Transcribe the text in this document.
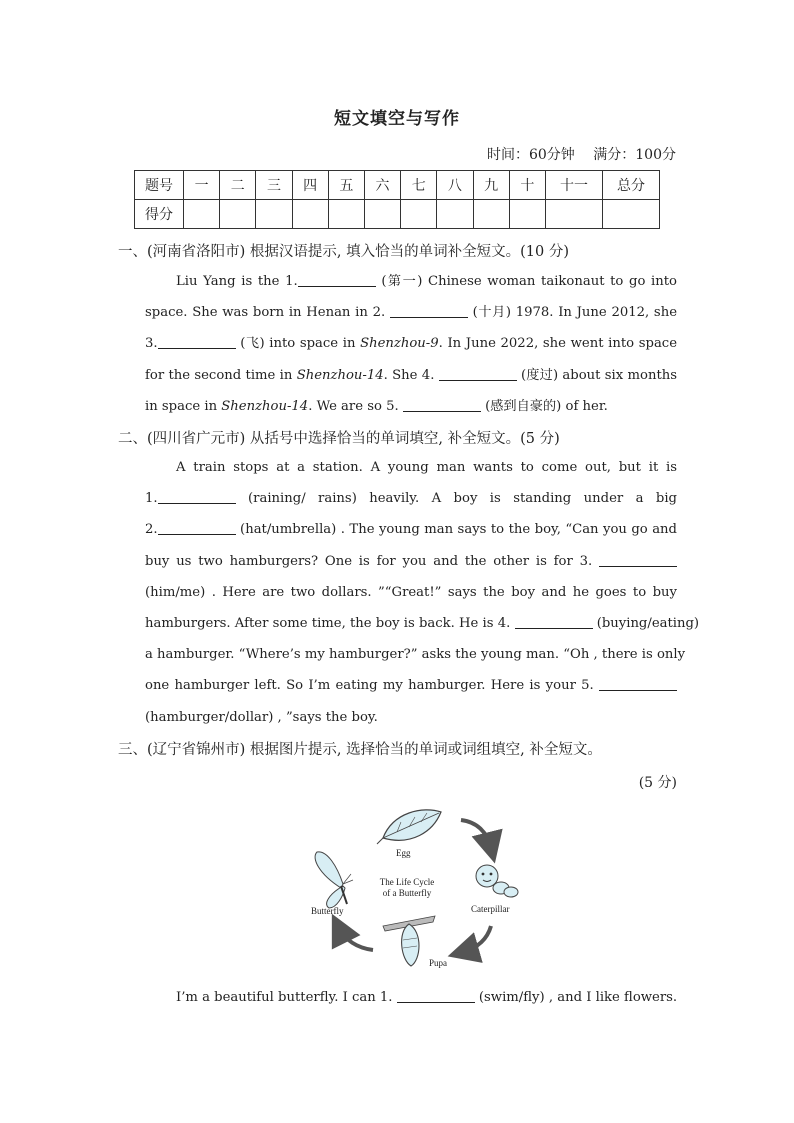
短文填空与写作
时间：60分钟 满分：100分
题号	一	二	三	四	五	六	七	八	九	十	十一	总分
得分												
一、(河南省洛阳市) 根据汉语提示, 填入恰当的单词补全短文。(10 分)
Liu Yang is the 1.	(第一) Chinese woman taikonaut to go into
space. She was born in Henan in 2.	(十月) 1978. In June 2012, she
3.	(飞) into space in Shenzhou-9. In June 2022, she went into space
for the second time in Shenzhou-14. She 4.	(度过) about six months
in space in Shenzhou-14. We are so 5.	(感到自豪的) of her.
二、(四川省广元市) 从括号中选择恰当的单词填空, 补全短文。(5 分)
A train stops at a station. A young man wants to come out, but it is
1.	(raining/ rains) heavily. A boy is standing under a big
2.	(hat/umbrella) . The young man says to the boy, “Can you go and
buy us two hamburgers? One is for you and the other is for 3.
(him/me) . Here are two dollars. ”“Great!” says the boy and he goes to buy
hamburgers. After some time, the boy is back. He is 4.	(buying/eating)
a hamburger. “Where’s my hamburger?” asks the young man. “Oh , there is only
one hamburger left. So I’m eating my hamburger. Here is your 5.
(hamburger/dollar) , ”says the boy.
三、(辽宁省锦州市) 根据图片提示, 选择恰当的单词或词组填空, 补全短文。
(5 分)
Egg
The Life Cycle
of a Butterfly
Caterpillar
Pupa
Butterfly
I’m a beautiful butterfly. I can 1.	(swim/fly) , and I like flowers.
